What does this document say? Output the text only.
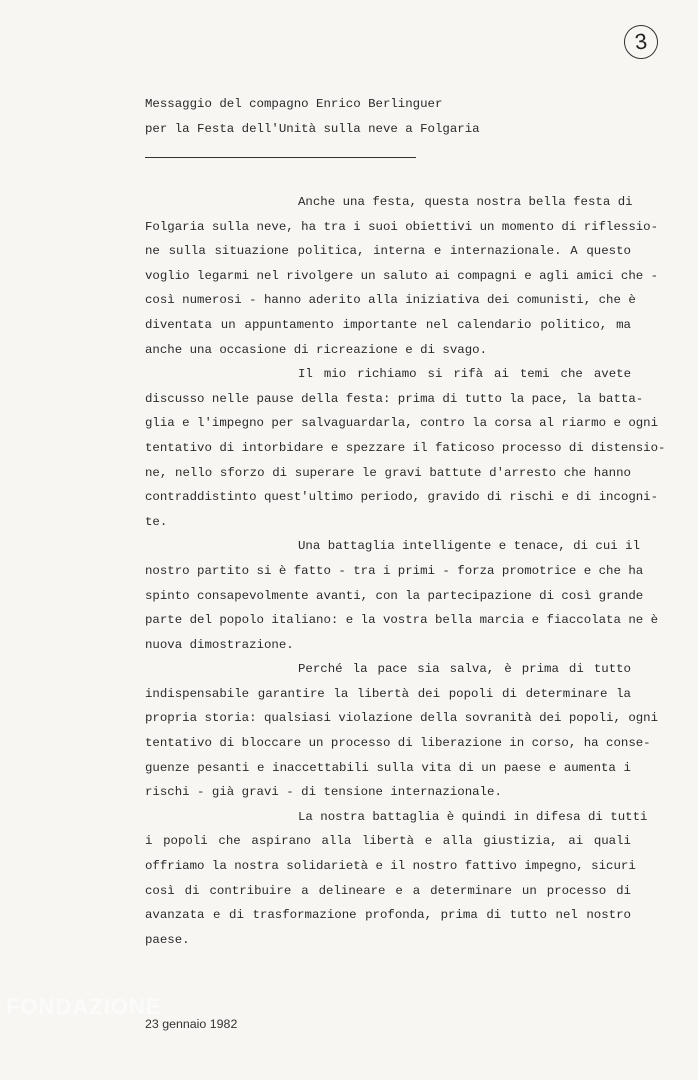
3
Messaggio del compagno Enrico Berlinguer
per la Festa dell'Unità sulla neve a Folgaria
Anche una festa, questa nostra bella festa di
Folgaria sulla neve, ha tra i suoi obiettivi un momento di riflessio-
ne sulla situazione politica, interna e internazionale. A questo
voglio legarmi nel rivolgere un saluto ai compagni e agli amici che -
così numerosi - hanno aderito alla iniziativa dei comunisti, che è
diventata un appuntamento importante nel calendario politico, ma
anche una occasione di ricreazione e di svago.
Il mio richiamo si rifà ai temi che avete
discusso nelle pause della festa: prima di tutto la pace, la batta-
glia e l'impegno per salvaguardarla, contro la corsa al riarmo e ogni
tentativo di intorbidare e spezzare il faticoso processo di distensio-
ne, nello sforzo di superare le gravi battute d'arresto che hanno
contraddistinto quest'ultimo periodo, gravido di rischi e di incogni-
te.
Una battaglia intelligente e tenace, di cui il
nostro partito si è fatto - tra i primi - forza promotrice e che ha
spinto consapevolmente avanti, con la partecipazione di così grande
parte del popolo italiano: e la vostra bella marcia e fiaccolata ne è
nuova dimostrazione.
Perché la pace sia salva, è prima di tutto
indispensabile garantire la libertà dei popoli di determinare la
propria storia: qualsiasi violazione della sovranità dei popoli, ogni
tentativo di bloccare un processo di liberazione in corso, ha conse-
guenze pesanti e inaccettabili sulla vita di un paese e aumenta i
rischi - già gravi - di tensione internazionale.
La nostra battaglia è quindi in difesa di tutti
i popoli che aspirano alla libertà e alla giustizia, ai quali
offriamo la nostra solidarietà e il nostro fattivo impegno, sicuri
così di contribuire a delineare e a determinare un processo di
avanzata e di trasformazione profonda, prima di tutto nel nostro
paese.
23 gennaio 1982
FONDAZIONE
